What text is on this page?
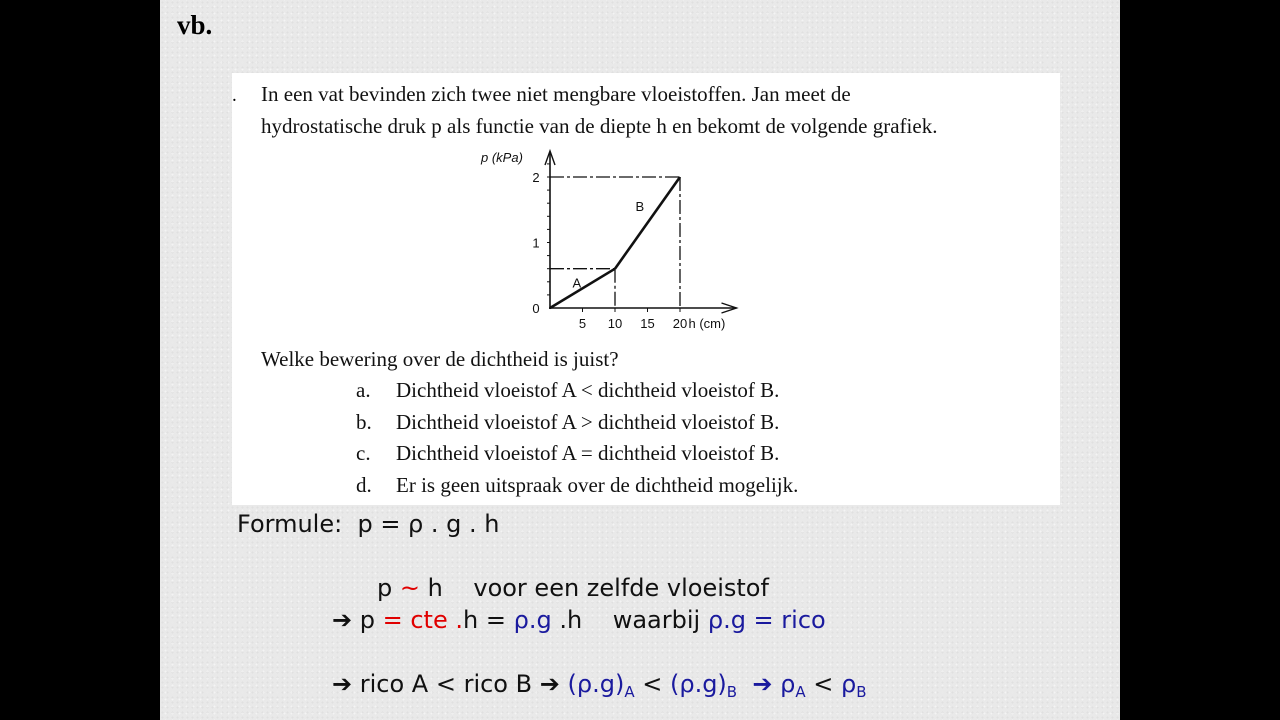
vb.
. In een vat bevinden zich twee niet mengbare vloeistoffen. Jan meet de
hydrostatische druk p als functie van de diepte h en bekomt de volgende grafiek.
5 10 15 20
0
1
2
p (kPa)
h (cm)
A
B
Welke bewering over de dichtheid is juist?
a. Dichtheid vloeistof A < dichtheid vloeistof B.
b. Dichtheid vloeistof A > dichtheid vloeistof B.
c. Dichtheid vloeistof A = dichtheid vloeistof B.
d. Er is geen uitspraak over de dichtheid mogelijk.
Formule: p = ρ . g . h
p ~ h voor een zelfde vloeistof
➔ p = cte .h = ρ.g .h waarbij ρ.g = rico
➔ rico A < rico B ➔ $(\rho.g)_A < (\rho.g)_B$ ➔ $\rho_A < \rho_B$
